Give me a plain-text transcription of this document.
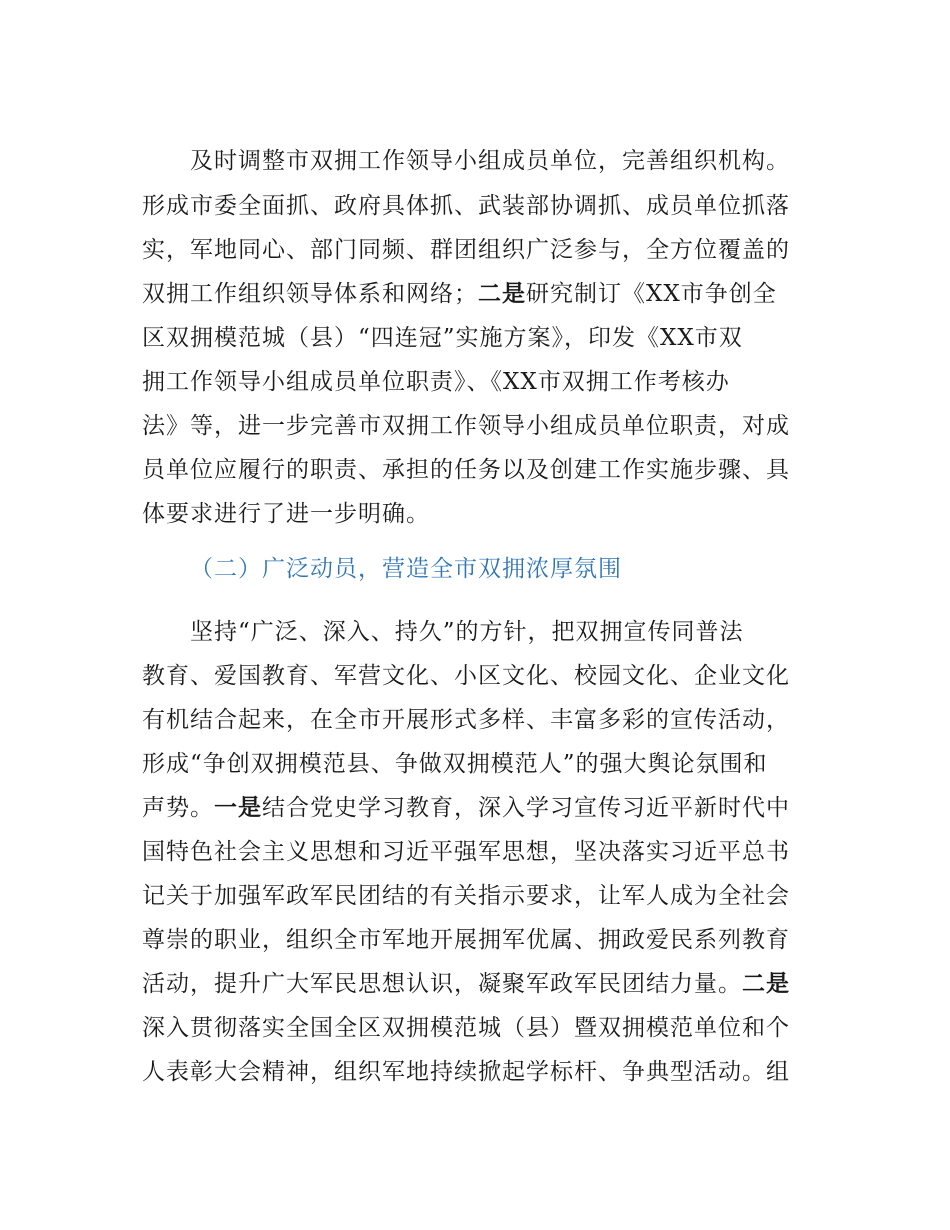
及时调整市双拥工作领导小组成员单位，完善组织机构。
形成市委全面抓、政府具体抓、武装部协调抓、成员单位抓落
实，军地同心、部门同频、群团组织广泛参与，全方位覆盖的
双拥工作组织领导体系和网络；二是研究制订《XX市争创全
区双拥模范城（县）“四连冠”实施方案》，印发《XX市双
拥工作领导小组成员单位职责》、《XX市双拥工作考核办
法》等，进一步完善市双拥工作领导小组成员单位职责，对成
员单位应履行的职责、承担的任务以及创建工作实施步骤、具
体要求进行了进一步明确。
（二）广泛动员，营造全市双拥浓厚氛围
坚持“广泛、深入、持久”的方针，把双拥宣传同普法
教育、爱国教育、军营文化、小区文化、校园文化、企业文化
有机结合起来，在全市开展形式多样、丰富多彩的宣传活动，
形成“争创双拥模范县、争做双拥模范人”的强大舆论氛围和
声势。一是结合党史学习教育，深入学习宣传习近平新时代中
国特色社会主义思想和习近平强军思想，坚决落实习近平总书
记关于加强军政军民团结的有关指示要求，让军人成为全社会
尊崇的职业，组织全市军地开展拥军优属、拥政爱民系列教育
活动，提升广大军民思想认识，凝聚军政军民团结力量。二是
深入贯彻落实全国全区双拥模范城（县）暨双拥模范单位和个
人表彰大会精神，组织军地持续掀起学标杆、争典型活动。组
